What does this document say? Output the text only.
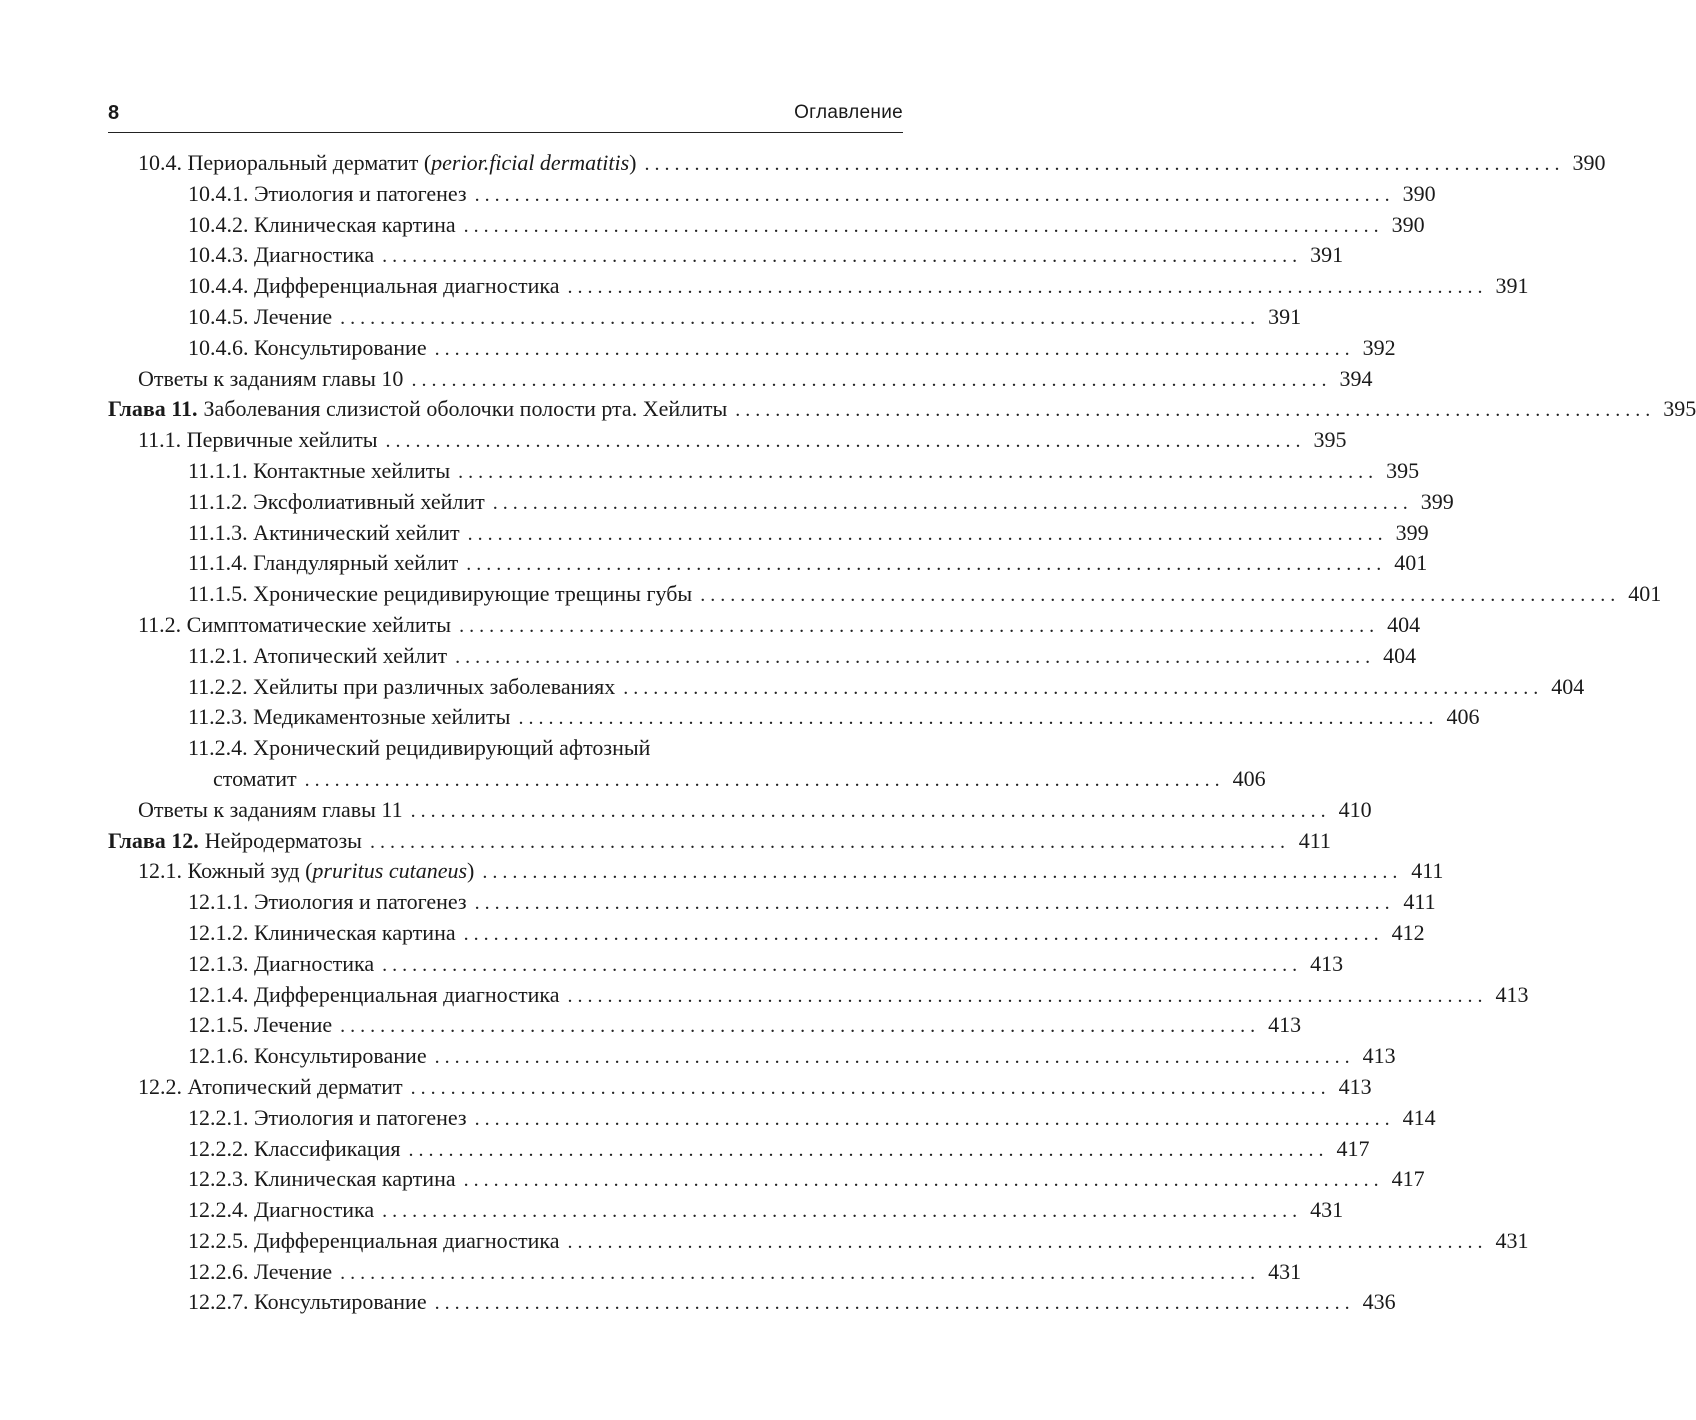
8	Оглавление
10.4. Периоральный дерматит (perior.ficial dermatitis) . . .	390
10.4.1. Этиология и патогенез . . .	390
10.4.2. Клиническая картина . . .	390
10.4.3. Диагностика . . .	391
10.4.4. Дифференциальная диагностика . . .	391
10.4.5. Лечение . . .	391
10.4.6. Консультирование . . .	392
Ответы к заданиям главы 10 . . .	394
Глава 11. Заболевания слизистой оболочки полости рта. Хейлиты . . .	395
11.1. Первичные хейлиты . . .	395
11.1.1. Контактные хейлиты . . .	395
11.1.2. Эксфолиативный хейлит . . .	399
11.1.3. Актинический хейлит . . .	399
11.1.4. Гландулярный хейлит . . .	401
11.1.5. Хронические рецидивирующие трещины губы . . .	401
11.2. Симптоматические хейлиты . . .	404
11.2.1. Атопический хейлит . . .	404
11.2.2. Хейлиты при различных заболеваниях . . .	404
11.2.3. Медикаментозные хейлиты . . .	406
11.2.4. Хронический рецидивирующий афтозный
стоматит . . .	406
Ответы к заданиям главы 11 . . .	410
Глава 12. Нейродерматозы . . .	411
12.1. Кожный зуд (pruritus cutaneus) . . .	411
12.1.1. Этиология и патогенез . . .	411
12.1.2. Клиническая картина . . .	412
12.1.3. Диагностика . . .	413
12.1.4. Дифференциальная диагностика . . .	413
12.1.5. Лечение . . .	413
12.1.6. Консультирование . . .	413
12.2. Атопический дерматит . . .	413
12.2.1. Этиология и патогенез . . .	414
12.2.2. Классификация . . .	417
12.2.3. Клиническая картина . . .	417
12.2.4. Диагностика . . .	431
12.2.5. Дифференциальная диагностика . . .	431
12.2.6. Лечение . . .	431
12.2.7. Консультирование . . .	436
